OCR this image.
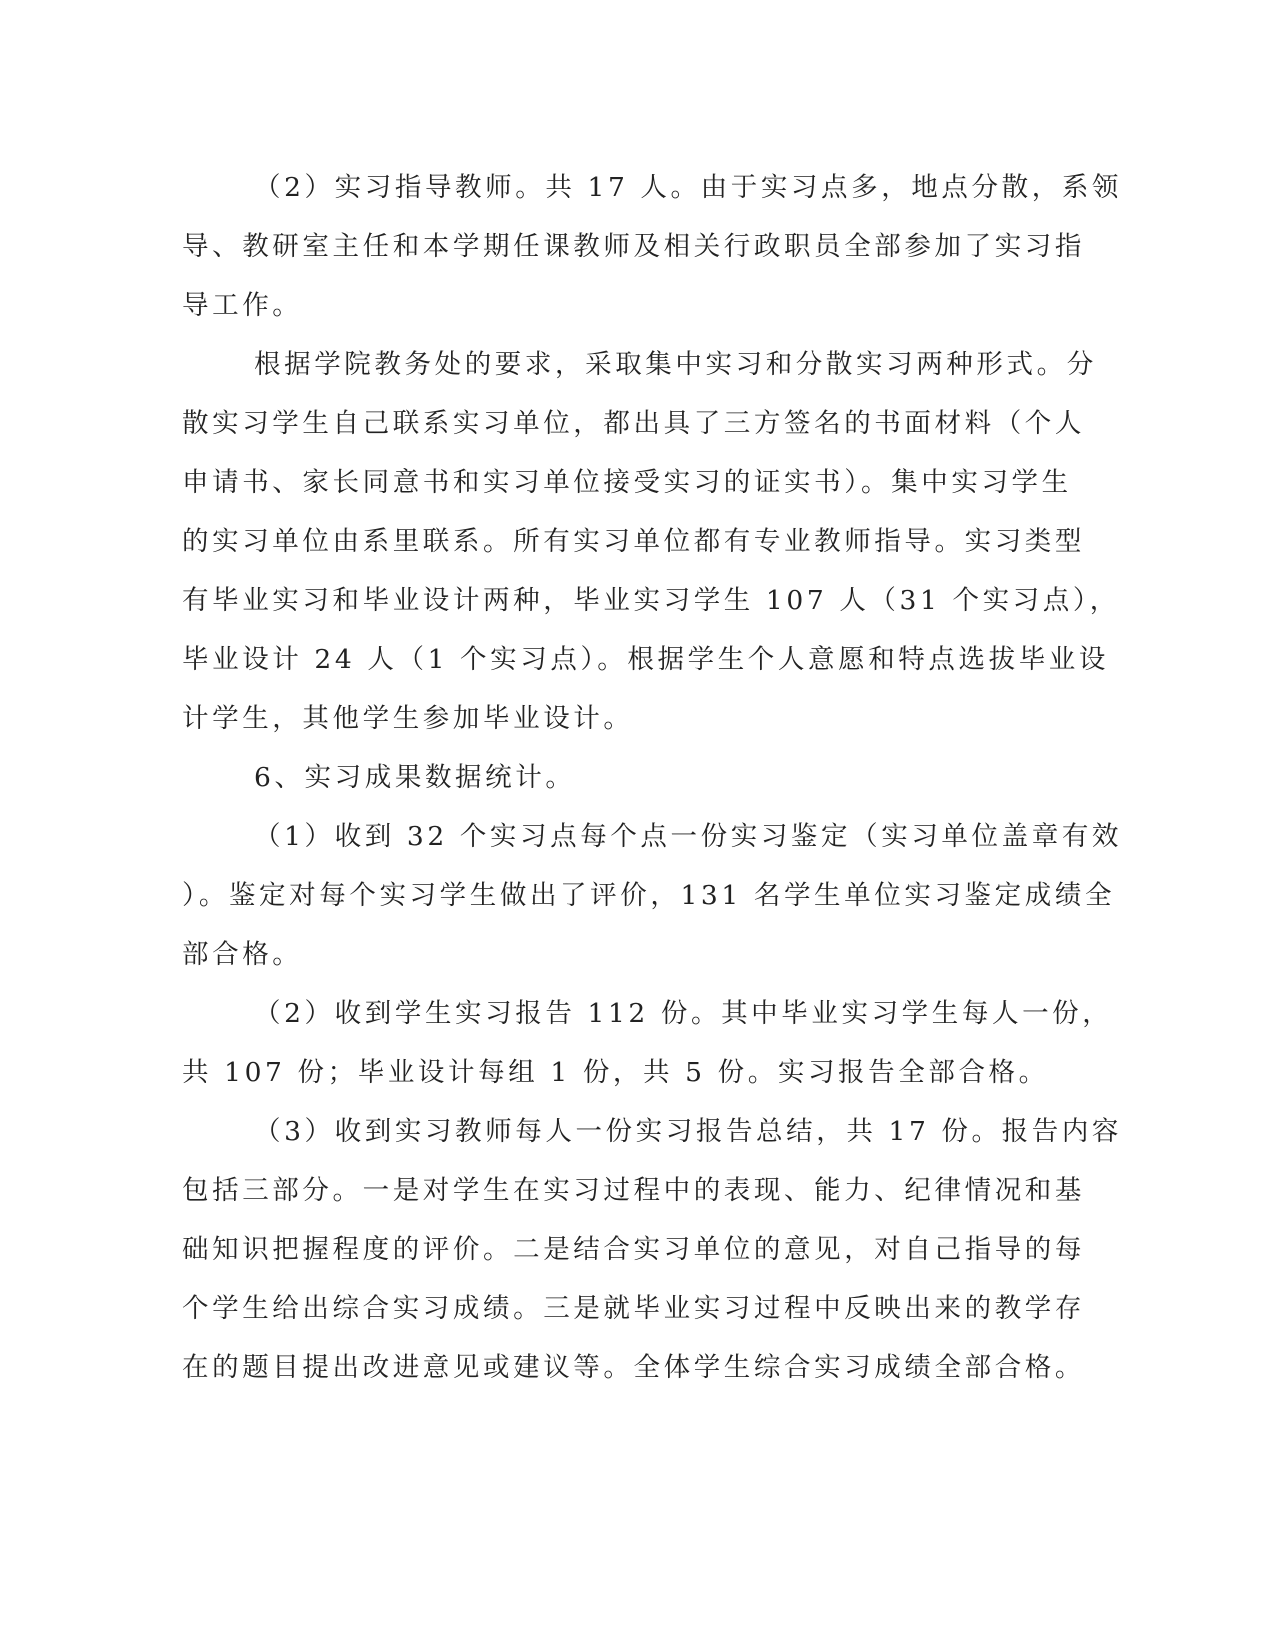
（2）实习指导教师。共 17 人。由于实习点多，地点分散，系领
导、教研室主任和本学期任课教师及相关行政职员全部参加了实习指
导工作。
根据学院教务处的要求，采取集中实习和分散实习两种形式。分
散实习学生自己联系实习单位，都出具了三方签名的书面材料（个人
申请书、家长同意书和实习单位接受实习的证实书）。集中实习学生
的实习单位由系里联系。所有实习单位都有专业教师指导。实习类型
有毕业实习和毕业设计两种，毕业实习学生 107 人（31 个实习点），
毕业设计 24 人（1 个实习点）。根据学生个人意愿和特点选拔毕业设
计学生，其他学生参加毕业设计。
6、实习成果数据统计。
（1）收到 32 个实习点每个点一份实习鉴定（实习单位盖章有效
）。鉴定对每个实习学生做出了评价，131 名学生单位实习鉴定成绩全
部合格。
（2）收到学生实习报告 112 份。其中毕业实习学生每人一份，
共 107 份；毕业设计每组 1 份，共 5 份。实习报告全部合格。
（3）收到实习教师每人一份实习报告总结，共 17 份。报告内容
包括三部分。一是对学生在实习过程中的表现、能力、纪律情况和基
础知识把握程度的评价。二是结合实习单位的意见，对自己指导的每
个学生给出综合实习成绩。三是就毕业实习过程中反映出来的教学存
在的题目提出改进意见或建议等。全体学生综合实习成绩全部合格。
